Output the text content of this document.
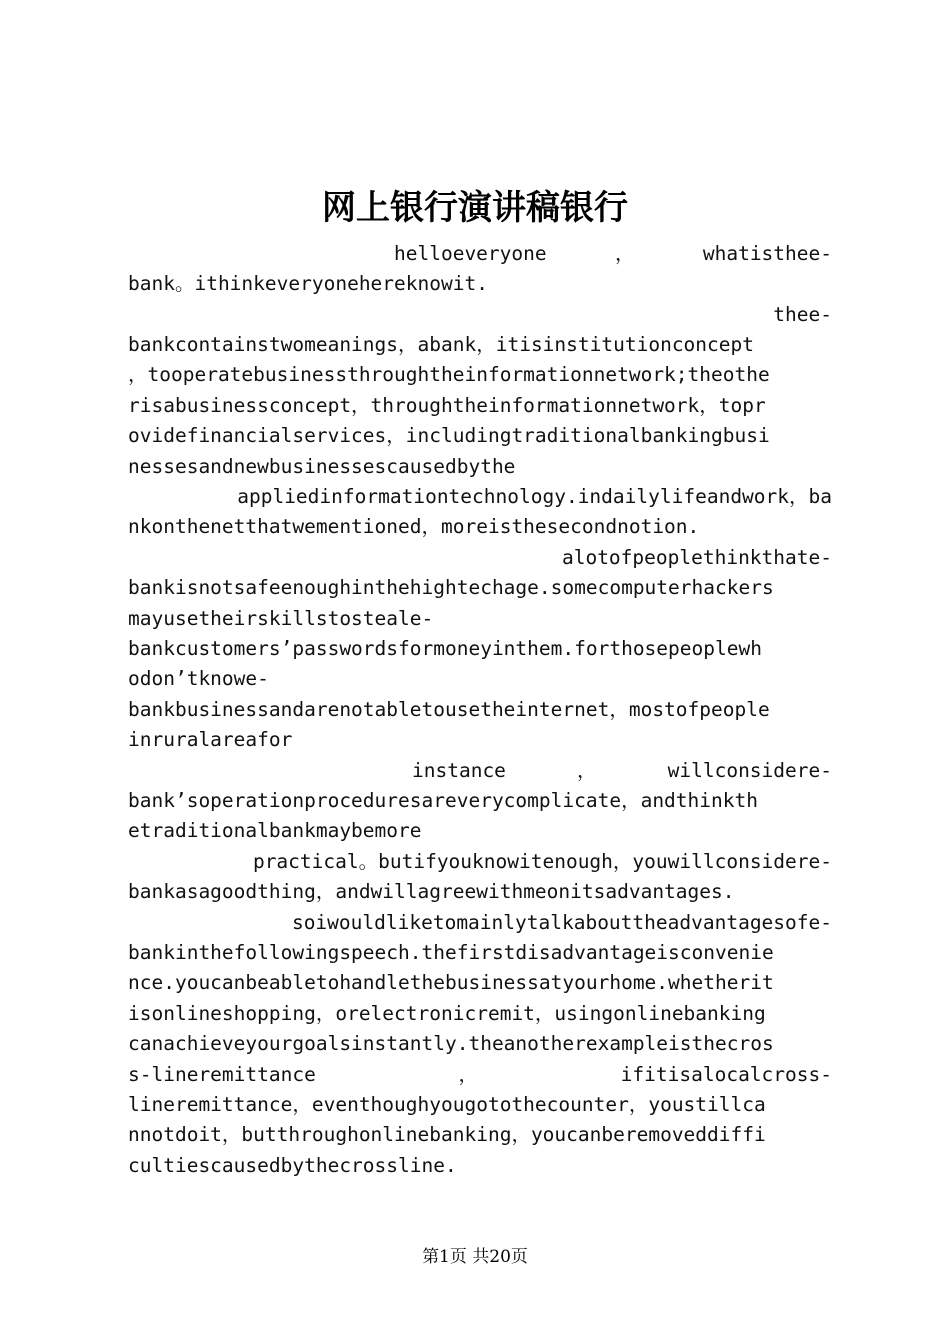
网上银行演讲稿银行
helloeveryone	，	whatisthee-
bank。ithinkeveryonehereknowit.
thee-
bankcontainstwomeanings，abank，itisinstitutionconcept
，tooperatebusinessthroughtheinformationnetwork;theothe
risabusinessconcept，throughtheinformationnetwork，topr
ovidefinancialservices，includingtraditionalbankingbusi
nessesandnewbusinessescausedbythe
appliedinformationtechnology.indailylifeandwork，ba
nkonthenetthatwementioned，moreisthesecondnotion.
alotofpeoplethinkthate-
bankisnotsafeenoughinthehightechage.somecomputerhackers
mayusetheirskillstosteale-
bankcustomers’passwordsformoneyinthem.forthosepeoplewh
odon’tknowe-
bankbusinessandarenotabletousetheinternet，mostofpeople
inruralareafor
instance	，	willconsidere-
bank’soperationproceduresareverycomplicate，andthinkth
etraditionalbankmaybemore
practical。butifyouknowitenough，youwillconsidere-
bankasagoodthing，andwillagreewithmeonitsadvantages.
soiwouldliketomainlytalkabouttheadvantagesofe-
bankinthefollowingspeech.thefirstdisadvantageisconvenie
nce.youcanbeabletohandlethebusinessatyourhome.whetherit
isonlineshopping，orelectronicremit，usingonlinebanking
canachieveyourgoalsinstantly.theanotherexampleisthecros
s-lineremittance	，	ifitisalocalcross-
lineremittance，eventhoughyougotothecounter，youstillca
nnotdoit，butthroughonlinebanking，youcanberemoveddiffi
cultiescausedbythecrossline.
第1页 共20页
